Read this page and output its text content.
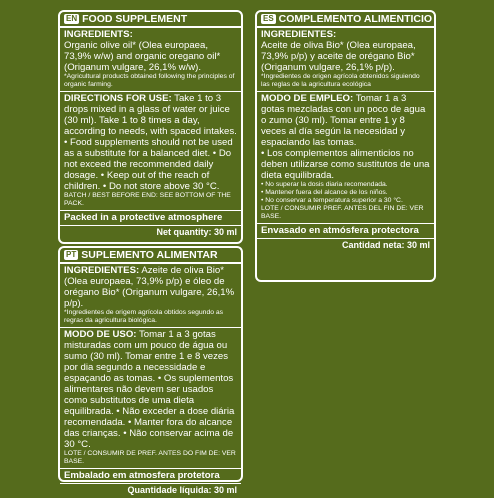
EN FOOD SUPPLEMENT
INGREDIENTS:
Organic olive oil* (Olea europaea, 73,9% w/w) and organic oregano oil* (Origanum vulgare, 26,1% w/w).
*Agricultural products obtained following the principles of organic farming.
DIRECTIONS FOR USE: Take 1 to 3 drops mixed in a glass of water or juice (30 ml). Take 1 to 8 times a day, according to needs, with spaced intakes. • Food supplements should not be used as a substitute for a balanced diet. • Do not exceed the recommended daily dosage. • Keep out of the reach of children. • Do not store above 30 °C.
BATCH / BEST BEFORE END: SEE BOTTOM OF THE PACK.
Packed in a protective atmosphere
Net quantity: 30 ml
PT SUPLEMENTO ALIMENTAR
INGREDIENTES: Azeite de oliva Bio* (Olea europaea, 73,9% p/p) e óleo de orégano Bio* (Origanum vulgare, 26,1% p/p).
*Ingredientes de origem agrícola obtidos segundo as regras da agricultura biológica.
MODO DE USO: Tomar 1 a 3 gotas misturadas com um pouco de água ou sumo (30 ml). Tomar entre 1 e 8 vezes por dia segundo a necessidade e espaçando as tomas. • Os suplementos alimentares não devem ser usados como substitutos de uma dieta equilibrada. • Não exceder a dose diária recomendada. • Manter fora do alcance das crianças. • Não conservar acima de 30 °C.
LOTE / CONSUMIR DE PREF. ANTES DO FIM DE: VER BASE.
Embalado em atmosfera protetora
Quantidade líquida: 30 ml
ES COMPLEMENTO ALIMENTICIO
INGREDIENTES:
Aceite de oliva Bio* (Olea europaea, 73,9% p/p) y aceite de orégano Bio* (Origanum vulgare, 26,1% p/p).
*Ingredientes de origen agrícola obtenidos siguiendo las reglas de la agricultura ecológica
MODO DE EMPLEO: Tomar 1 a 3 gotas mezcladas con un poco de agua o zumo (30 ml). Tomar entre 1 y 8 veces al día según la necesidad y espaciando las tomas.
• Los complementos alimenticios no deben utilizarse como sustitutos de una dieta equilibrada.
• No superar la dosis diaria recomendada.
• Mantener fuera del alcance de los niños.
• No conservar a temperatura superior a 30 °C.
LOTE / CONSUMIR PREF. ANTES DEL FIN DE: VER BASE.
Envasado en atmósfera protectora
Cantidad neta: 30 ml
